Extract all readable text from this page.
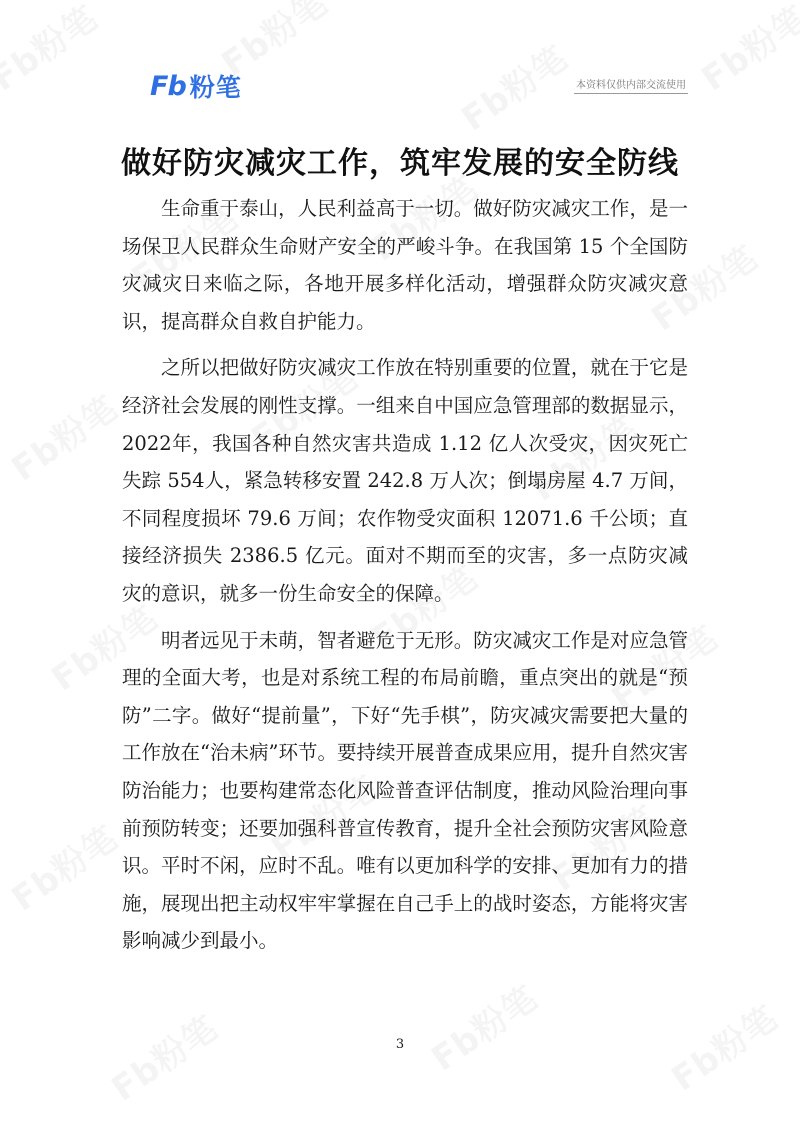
Fb 粉笔	本资料仅供内部交流使用
做好防灾减灾工作，筑牢发展的安全防线

生命重于泰山，人民利益高于一切。做好防灾减灾工作，是一场保卫人民群众生命财产安全的严峻斗争。在我国第 15 个全国防灾减灾日来临之际，各地开展多样化活动，增强群众防灾减灾意识，提高群众自救自护能力。

之所以把做好防灾减灾工作放在特别重要的位置，就在于它是经济社会发展的刚性支撑。一组来自中国应急管理部的数据显示，2022年，我国各种自然灾害共造成 1.12 亿人次受灾，因灾死亡失踪 554人，紧急转移安置 242.8 万人次；倒塌房屋 4.7 万间，不同程度损坏 79.6 万间；农作物受灾面积 12071.6 千公顷；直接经济损失 2386.5 亿元。面对不期而至的灾害，多一点防灾减灾的意识，就多一份生命安全的保障。

明者远见于未萌，智者避危于无形。防灾减灾工作是对应急管理的全面大考，也是对系统工程的布局前瞻，重点突出的就是“预防”二字。做好“提前量”，下好“先手棋”，防灾减灾需要把大量的工作放在“治未病”环节。要持续开展普查成果应用，提升自然灾害防治能力；也要构建常态化风险普查评估制度，推动风险治理向事前预防转变；还要加强科普宣传教育，提升全社会预防灾害风险意识。平时不闲，应时不乱。唯有以更加科学的安排、更加有力的措施，展现出把主动权牢牢掌握在自己手上的战时姿态，方能将灾害影响减少到最小。

3
